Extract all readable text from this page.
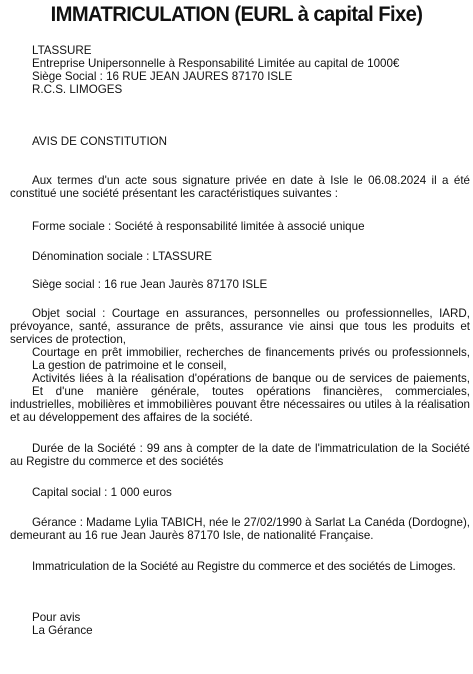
IMMATRICULATION (EURL à capital Fixe)
LTASSURE
Entreprise Unipersonnelle à Responsabilité Limitée au capital de 1000€
Siège Social : 16 RUE JEAN JAURES 87170 ISLE
R.C.S. LIMOGES
AVIS DE CONSTITUTION
Aux termes d'un acte sous signature privée en date à Isle le 06.08.2024 il a été
constitué une société présentant les caractéristiques suivantes :
Forme sociale : Société à responsabilité limitée à associé unique
Dénomination sociale : LTASSURE
Siège social : 16 rue Jean Jaurès 87170 ISLE
Objet social : Courtage en assurances, personnelles ou professionnelles, IARD,
prévoyance, santé, assurance de prêts, assurance vie ainsi que tous les produits et
services de protection,
Courtage en prêt immobilier, recherches de financements privés ou professionnels,
La gestion de patrimoine et le conseil,
Activités liées à la réalisation d'opérations de banque ou de services de paiements,
Et d'une manière générale, toutes opérations financières, commerciales,
industrielles, mobilières et immobilières pouvant être nécessaires ou utiles à la réalisation
et au développement des affaires de la société.
Durée de la Société : 99 ans à compter de la date de l'immatriculation de la Société
au Registre du commerce et des sociétés
Capital social : 1 000 euros
Gérance : Madame Lylia TABICH, née le 27/02/1990 à Sarlat La Canéda (Dordogne),
demeurant au 16 rue Jean Jaurès 87170 Isle, de nationalité Française.
Immatriculation de la Société au Registre du commerce et des sociétés de Limoges.
Pour avis
La Gérance
